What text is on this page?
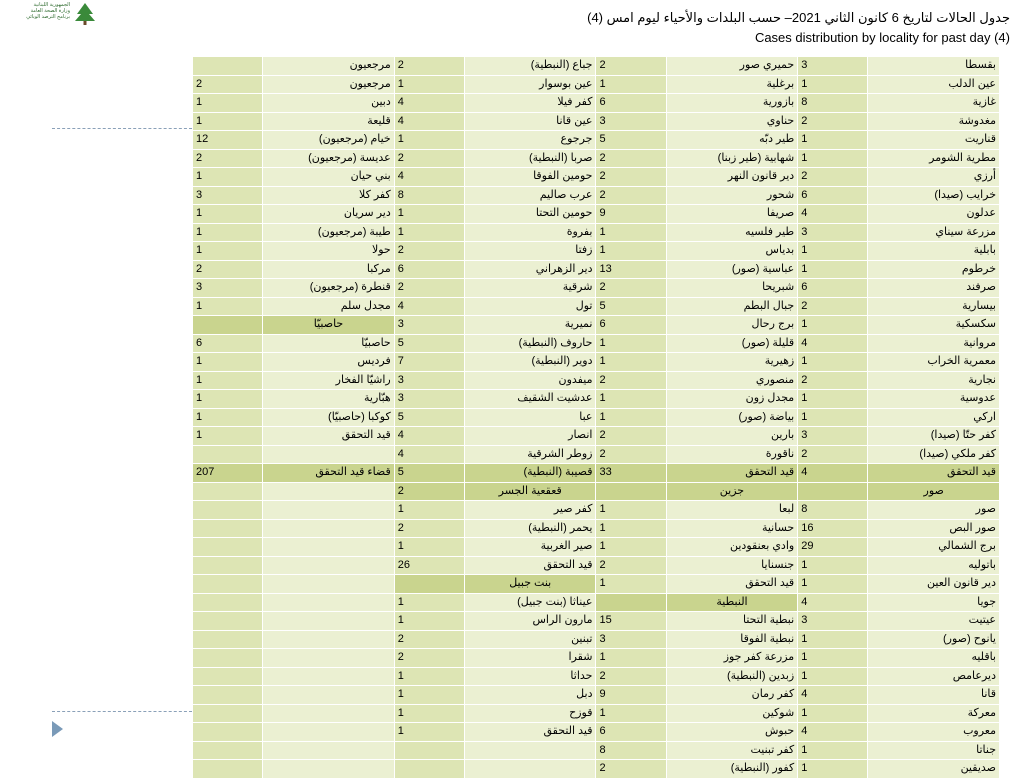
الجمهورية اللبنانية
وزارة الصحة العامة
برنامج الترصد الوبائي	جدول الحالات لتاريخ 6 كانون الثاني 2021– حسب البلدات والأحياء ليوم امس (4)
Cases distribution by locality for past day (4)
	مرجعيون	2	جباع (النبطية)	2	حميري صور	3	بقسطا
2	مرجعيون	1	عين بوسوار	1	برغلية	1	عين الدلب
1	دبين	4	كفر فيلا	6	بازورية	8	غازية
1	قليعة	4	عين قانا	3	حناوي	2	مغدوشة
12	خيام (مرجعيون)	1	جرجوع	5	طير دبّه	1	قناريت
2	عديسة (مرجعيون)	2	صربا (النبطية)	2	شهابية (طير زبنا)	1	مطرية الشومر
1	بني حيان	4	حومين الفوقا	2	دير قانون النهر	2	أرزي
3	كفر كلا	8	عرب صاليم	2	شحور	6	خرايب (صيدا)
1	دير سريان	1	حومين التحتا	9	صريفا	4	عدلون
1	طيبة (مرجعيون)	1	بفروة	1	طير فلسيه	3	مزرعة سيناي
1	حولا	2	زفتا	1	بدياس	1	بابلية
2	مركبا	6	دير الزهراني	13	عباسية (صور)	1	خرطوم
3	قنطرة (مرجعيون)	2	شرقية	2	شبريحا	6	صرفند
1	مجدل سلم	4	تول	5	جبال البطم	2	بيسارية
	حاصبيّا	3	نميرية	6	برج رحال	1	سكسكية
6	حاصبيّا	5	حاروف (النبطية)	1	قليلة (صور)	4	مروانية
1	فرديس	7	دوير (النبطية)	1	زهيرية	1	معمرية الخراب
1	راشيّا الفخار	3	ميفدون	2	منصوري	2	نجارية
1	هبّارية	3	عدشيت الشقيف	1	مجدل زون	1	عدوسية
1	كوكبا (حاصبيّا)	5	عبا	1	بياضة (صور)	1	اركي
1	قيد التحقق	4	انصار	2	بارين	3	كفر حتّا (صيدا)
		4	زوطر الشرقية	2	ناقورة	2	كفر ملكي (صيدا)
207	قضاء قيد التحقق	5	قصيبة (النبطية)	33	قيد التحقق	4	قيد التحقق
		2	قعقعية الجسر		جزين		صور
		1	كفر صير	1	لبعا	8	صور
		2	يحمر (النبطية)	1	حسانية	16	صور البص
		1	صير الغربية	1	وادي بعنقودين	29	برج الشمالي
		26	قيد التحقق	2	جنسنايا	1	باتوليه
			بنت جبيل	1	قيد التحقق	1	دير قانون العين
		1	عيناثا (بنت جبيل)		النبطية	4	جويا
		1	مارون الراس	15	نبطية التحتا	3	عيتيت
		2	تبنين	3	نبطية الفوقا	1	يانوح (صور)
		2	شقرا	1	مزرعة كفر جوز	1	باقليه
		1	حداثا	2	زبدين (النبطية)	1	ديرعامص
		1	دبل	9	كفر رمان	4	قانا
		1	قوزح	1	شوكين	1	معركة
		1	قيد التحقق	6	حبوش	4	معروب
				8	كفر تبنيت	1	جناتا
				2	كفور (النبطية)	1	صديقين
